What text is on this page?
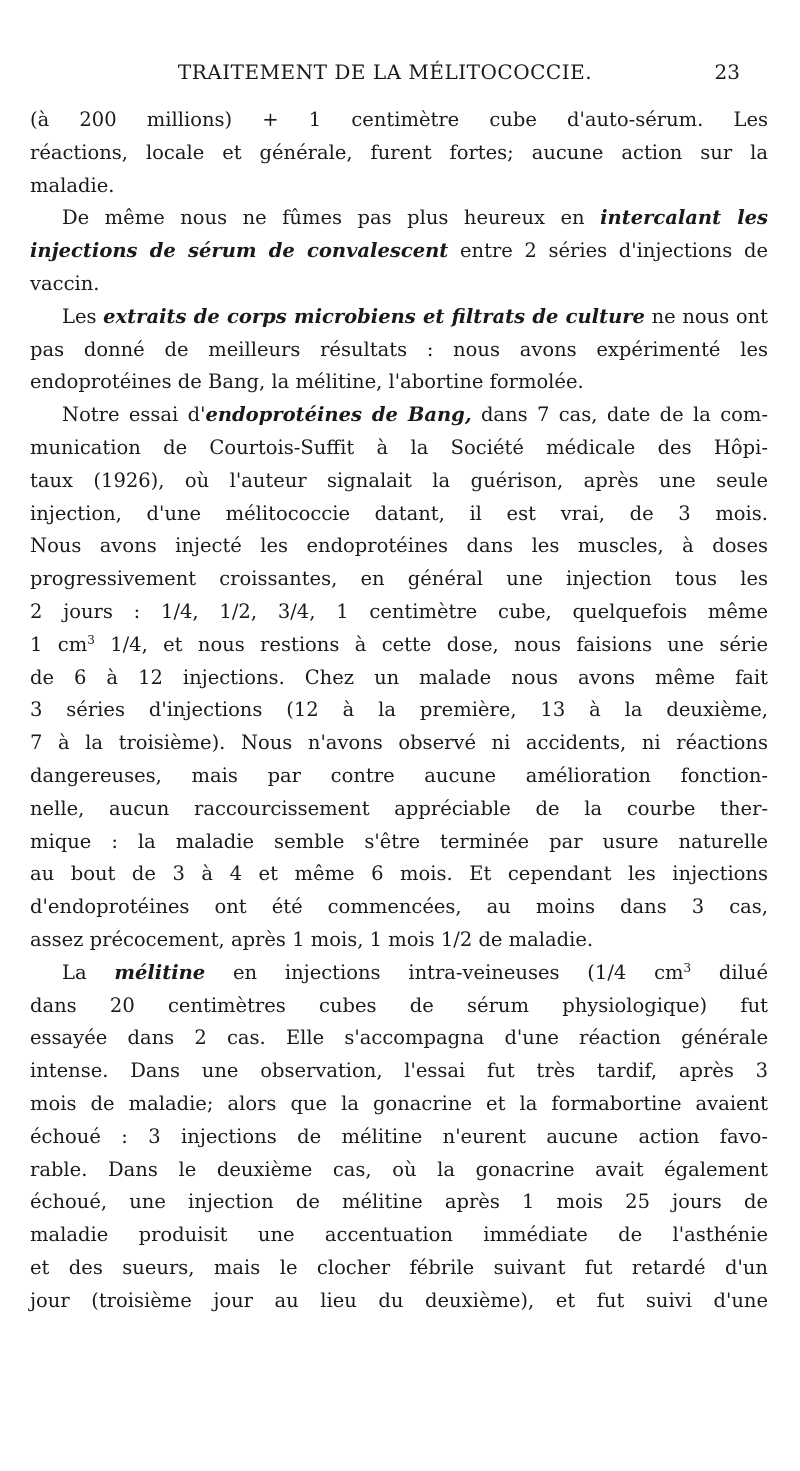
TRAITEMENT DE LA MÉLITOCOCCIE.	23
(à 200 millions) + 1 centimètre cube d'auto-sérum. Les
réactions, locale et générale, furent fortes; aucune action sur la
maladie.
De même nous ne fûmes pas plus heureux en intercalant les
injections de sérum de convalescent entre 2 séries d'injections de
vaccin.
Les extraits de corps microbiens et filtrats de culture ne nous ont
pas donné de meilleurs résultats : nous avons expérimenté les
endoprotéines de Bang, la mélitine, l'abortine formolée.
Notre essai d'endoprotéines de Bang, dans 7 cas, date de la com-
munication de Courtois-Suffit à la Société médicale des Hôpi-
taux (1926), où l'auteur signalait la guérison, après une seule
injection, d'une mélitococcie datant, il est vrai, de 3 mois.
Nous avons injecté les endoprotéines dans les muscles, à doses
progressivement croissantes, en général une injection tous les
2 jours : 1/4, 1/2, 3/4, 1 centimètre cube, quelquefois même
1 $cm^3$ 1/4, et nous restions à cette dose, nous faisions une série
de 6 à 12 injections. Chez un malade nous avons même fait
3 séries d'injections (12 à la première, 13 à la deuxième,
7 à la troisième). Nous n'avons observé ni accidents, ni réactions
dangereuses, mais par contre aucune amélioration fonction-
nelle, aucun raccourcissement appréciable de la courbe ther-
mique : la maladie semble s'être terminée par usure naturelle
au bout de 3 à 4 et même 6 mois. Et cependant les injections
d'endoprotéines ont été commencées, au moins dans 3 cas,
assez précocement, après 1 mois, 1 mois 1/2 de maladie.
La mélitine en injections intra-veineuses (1/4 $cm^3$ dilué
dans 20 centimètres cubes de sérum physiologique) fut
essayée dans 2 cas. Elle s'accompagna d'une réaction générale
intense. Dans une observation, l'essai fut très tardif, après 3
mois de maladie; alors que la gonacrine et la formabortine avaient
échoué : 3 injections de mélitine n'eurent aucune action favo-
rable. Dans le deuxième cas, où la gonacrine avait également
échoué, une injection de mélitine après 1 mois 25 jours de
maladie produisit une accentuation immédiate de l'asthénie
et des sueurs, mais le clocher fébrile suivant fut retardé d'un
jour (troisième jour au lieu du deuxième), et fut suivi d'une
